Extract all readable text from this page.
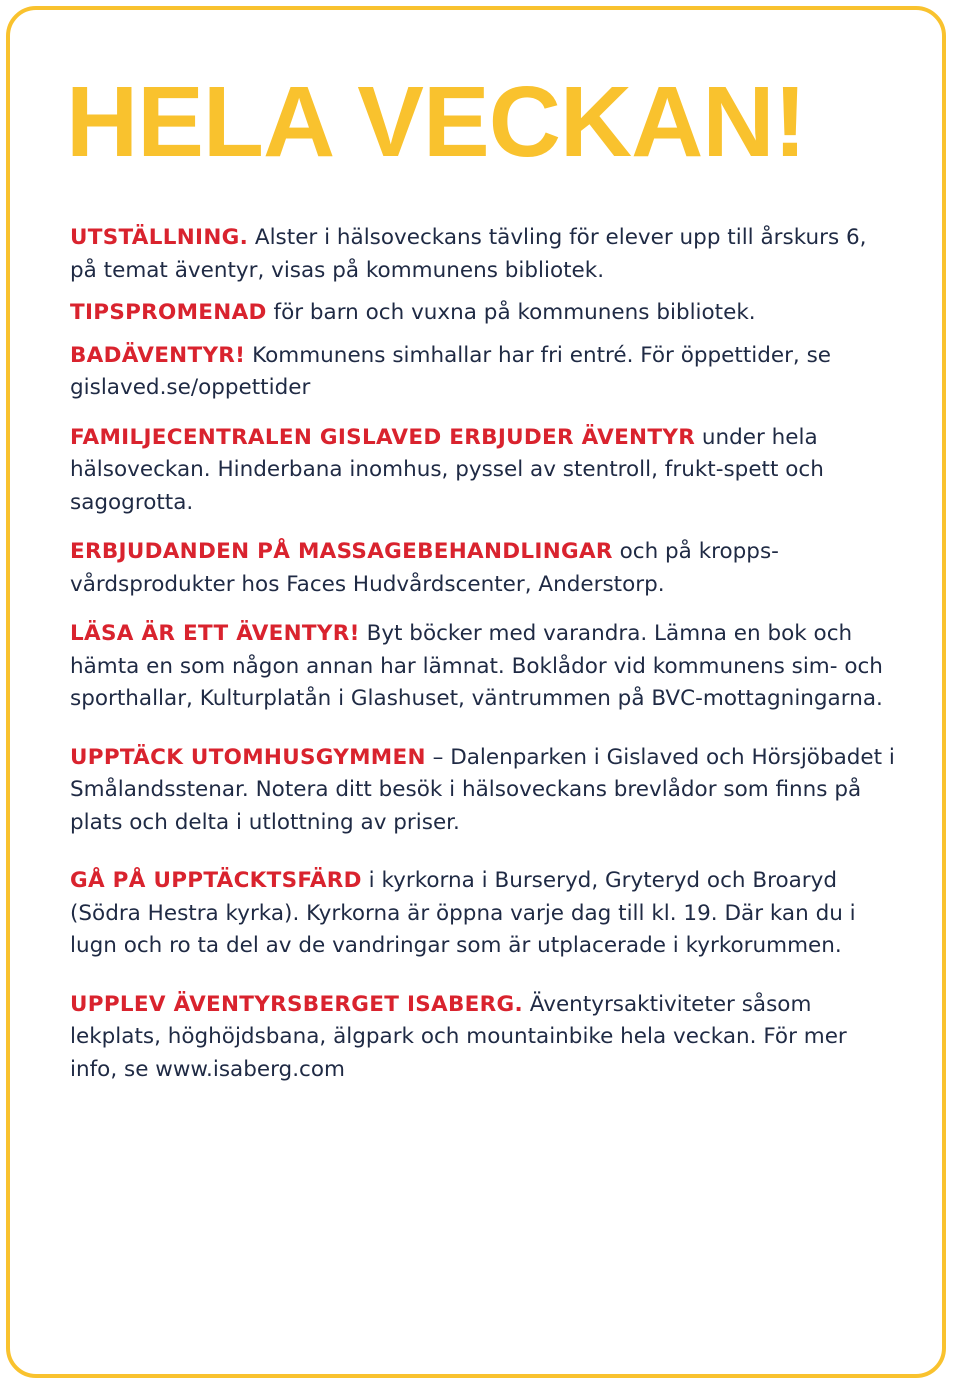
HELA VECKAN!

UTSTÄLLNING. Alster i hälsoveckans tävling för elever upp till årskurs 6, på temat äventyr, visas på kommunens bibliotek.

TIPSPROMENAD för barn och vuxna på kommunens bibliotek.

BADÄVENTYR! Kommunens simhallar har fri entré. För öppettider, se gislaved.se/oppettider

FAMILJECENTRALEN GISLAVED ERBJUDER ÄVENTYR under hela hälsoveckan. Hinderbana inomhus, pyssel av stentroll, frukt-spett och sagogrotta.

ERBJUDANDEN PÅ MASSAGEBEHANDLINGAR och på kropps-vårdsprodukter hos Faces Hudvårdscenter, Anderstorp.

LÄSA ÄR ETT ÄVENTYR! Byt böcker med varandra. Lämna en bok och hämta en som någon annan har lämnat. Boklådor vid kommunens sim- och sporthallar, Kulturplatån i Glashuset, väntrummen på BVC-mottagningarna.

UPPTÄCK UTOMHUSGYMMEN – Dalenparken i Gislaved och Hörsjöbadet i Smålandsstenar. Notera ditt besök i hälsoveckans brevlådor som finns på plats och delta i utlottning av priser.

GÅ PÅ UPPTÄCKTSFÄRD i kyrkorna i Burseryd, Gryteryd och Broaryd (Södra Hestra kyrka). Kyrkorna är öppna varje dag till kl. 19. Där kan du i lugn och ro ta del av de vandringar som är utplacerade i kyrkorummen.

UPPLEV ÄVENTYRSBERGET ISABERG. Äventyrsaktiviteter såsom lekplats, höghöjdsbana, älgpark och mountainbike hela veckan. För mer info, se www.isaberg.com
